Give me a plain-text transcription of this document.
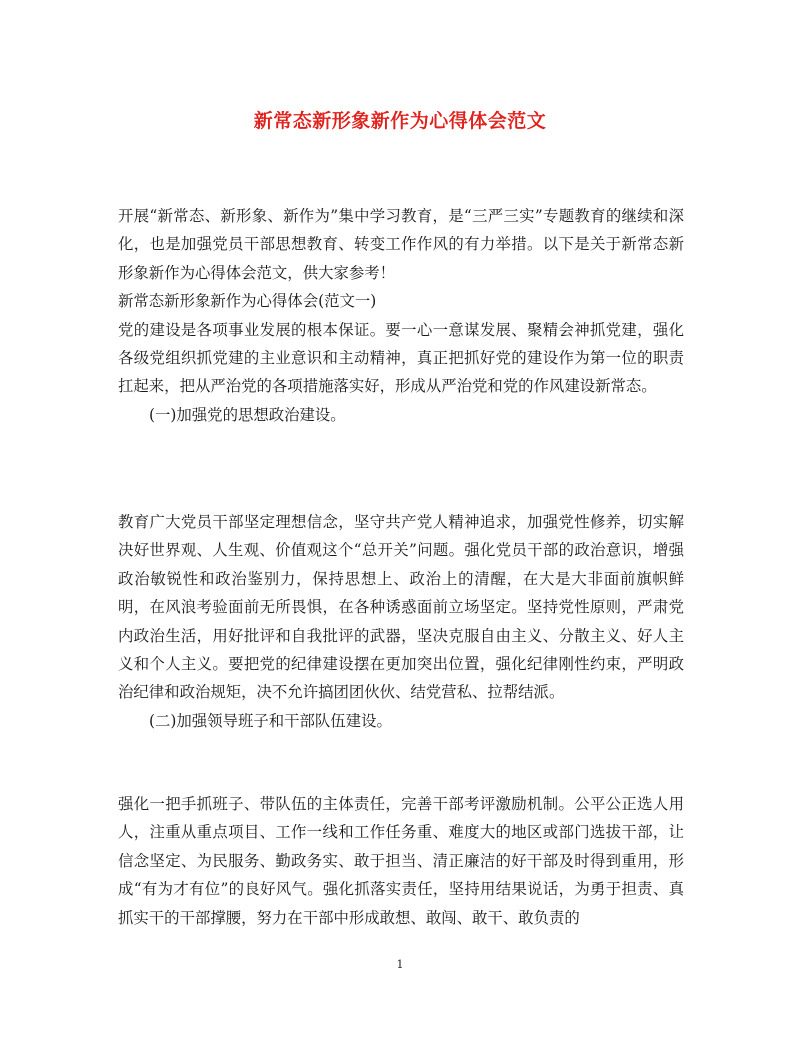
新常态新形象新作为心得体会范文

开展“新常态、新形象、新作为”集中学习教育，是“三严三实”专题教育的继续和深化，也是加强党员干部思想教育、转变工作作风的有力举措。以下是关于新常态新形象新作为心得体会范文，供大家参考！

新常态新形象新作为心得体会(范文一)

党的建设是各项事业发展的根本保证。要一心一意谋发展、聚精会神抓党建，强化各级党组织抓党建的主业意识和主动精神，真正把抓好党的建设作为第一位的职责扛起来，把从严治党的各项措施落实好，形成从严治党和党的作风建设新常态。

(一)加强党的思想政治建设。

教育广大党员干部坚定理想信念，坚守共产党人精神追求，加强党性修养，切实解决好世界观、人生观、价值观这个“总开关”问题。强化党员干部的政治意识，增强政治敏锐性和政治鉴别力，保持思想上、政治上的清醒，在大是大非面前旗帜鲜明，在风浪考验面前无所畏惧，在各种诱惑面前立场坚定。坚持党性原则，严肃党内政治生活，用好批评和自我批评的武器，坚决克服自由主义、分散主义、好人主义和个人主义。要把党的纪律建设摆在更加突出位置，强化纪律刚性约束，严明政治纪律和政治规矩，决不允许搞团团伙伙、结党营私、拉帮结派。

(二)加强领导班子和干部队伍建设。

强化一把手抓班子、带队伍的主体责任，完善干部考评激励机制。公平公正选人用人，注重从重点项目、工作一线和工作任务重、难度大的地区或部门选拔干部，让信念坚定、为民服务、勤政务实、敢于担当、清正廉洁的好干部及时得到重用，形成“有为才有位”的良好风气。强化抓落实责任，坚持用结果说话，为勇于担责、真抓实干的干部撑腰，努力在干部中形成敢想、敢闯、敢干、敢负责的

1
